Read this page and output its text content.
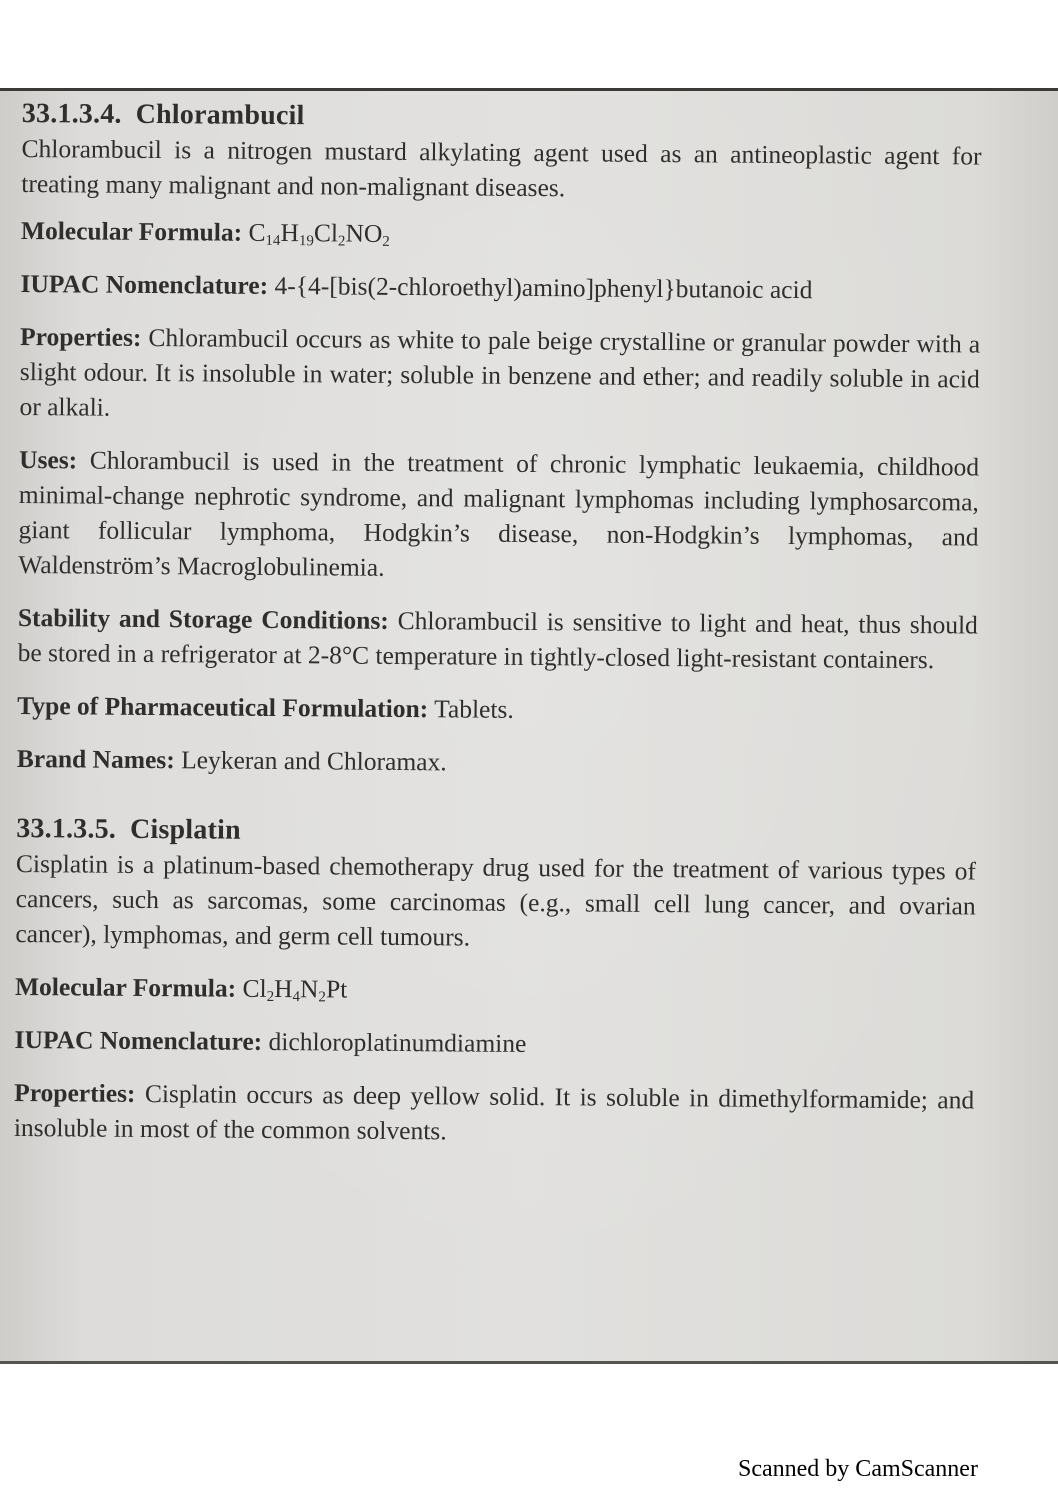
33.1.3.4. Chlorambucil

Chlorambucil is a nitrogen mustard alkylating agent used as an antineoplastic agent for treating many malignant and non-malignant diseases.

Molecular Formula: $C_{14}H_{19}Cl_2NO_2$

IUPAC Nomenclature: 4-{4-[bis(2-chloroethyl)amino]phenyl}butanoic acid

Properties: Chlorambucil occurs as white to pale beige crystalline or granular powder with a slight odour. It is insoluble in water; soluble in benzene and ether; and readily soluble in acid or alkali.

Uses: Chlorambucil is used in the treatment of chronic lymphatic leukaemia, childhood minimal-change nephrotic syndrome, and malignant lymphomas including lymphosarcoma, giant follicular lymphoma, Hodgkin’s disease, non-Hodgkin’s lymphomas, and Waldenström’s Macroglobulinemia.

Stability and Storage Conditions: Chlorambucil is sensitive to light and heat, thus should be stored in a refrigerator at 2-8°C temperature in tightly-closed light-resistant containers.

Type of Pharmaceutical Formulation: Tablets.

Brand Names: Leykeran and Chloramax.

33.1.3.5. Cisplatin

Cisplatin is a platinum-based chemotherapy drug used for the treatment of various types of cancers, such as sarcomas, some carcinomas (e.g., small cell lung cancer, and ovarian cancer), lymphomas, and germ cell tumours.

Molecular Formula: $Cl_2H_4N_2Pt$

IUPAC Nomenclature: dichloroplatinumdiamine

Properties: Cisplatin occurs as deep yellow solid. It is soluble in dimethylformamide; and insoluble in most of the common solvents.

Scanned by CamScanner
